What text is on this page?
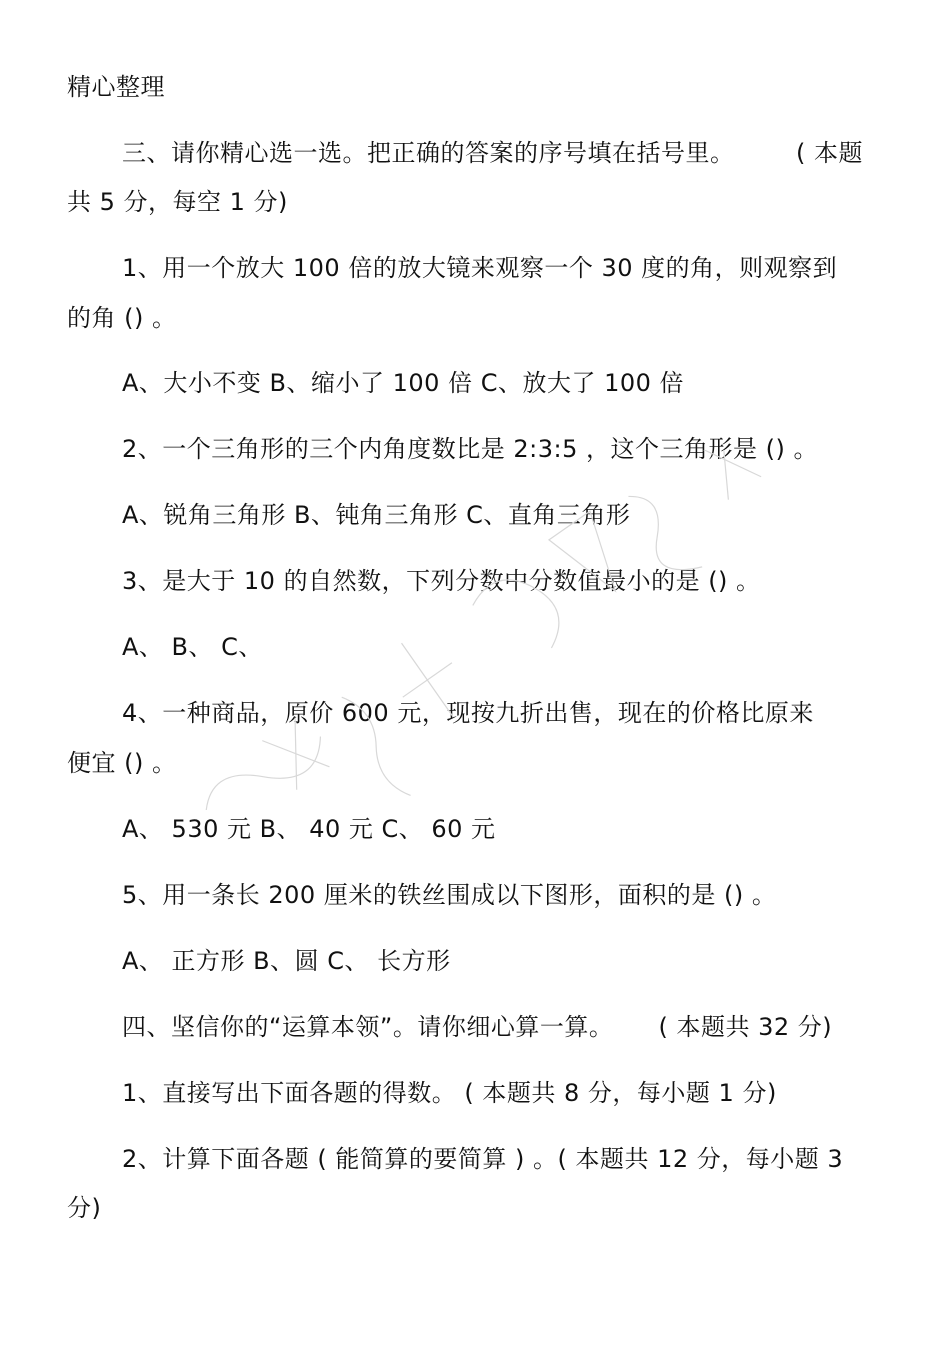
精心整理
三、请你精心选一选。把正确的答案的序号填在括号里。　　　( 本题
共 5 分，每空 1 分)
1、用一个放大 100 倍的放大镜来观察一个 30 度的角，则观察到
的角 () 。
A、大小不变 B、缩小了 100 倍 C、放大了 100 倍
2、一个三角形的三个内角度数比是 2:3:5 ，这个三角形是 () 。
A、锐角三角形 B、钝角三角形 C、直角三角形
3、是大于 10 的自然数，下列分数中分数值最小的是 () 。
A、 B、 C、
4、一种商品，原价 600 元，现按九折出售，现在的价格比原来
便宜 () 。
A、 530 元 B、 40 元 C、 60 元
5、用一条长 200 厘米的铁丝围成以下图形，面积的是 () 。
A、 正方形 B、圆 C、 长方形
四、坚信你的“运算本领”。请你细心算一算。　　 ( 本题共 32 分)
1、直接写出下面各题的得数。 ( 本题共 8 分，每小题 1 分)
2、计算下面各题 ( 能简算的要简算 ) 。( 本题共 12 分，每小题 3
分)
